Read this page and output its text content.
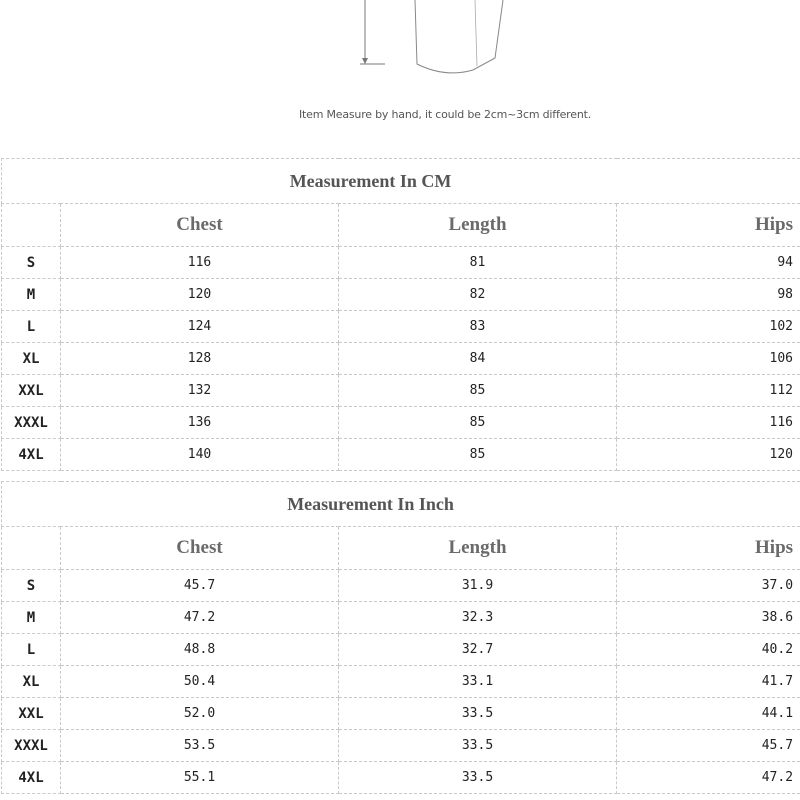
Item Measure by hand, it could be 2cm~3cm different.
Measurement In CM			
	Chest	Length	Hips
S	116	81	94
M	120	82	98
L	124	83	102
XL	128	84	106
XXL	132	85	112
XXXL	136	85	116
4XL	140	85	120
Measurement In Inch			
	Chest	Length	Hips
S	45.7	31.9	37.0
M	47.2	32.3	38.6
L	48.8	32.7	40.2
XL	50.4	33.1	41.7
XXL	52.0	33.5	44.1
XXXL	53.5	33.5	45.7
4XL	55.1	33.5	47.2
